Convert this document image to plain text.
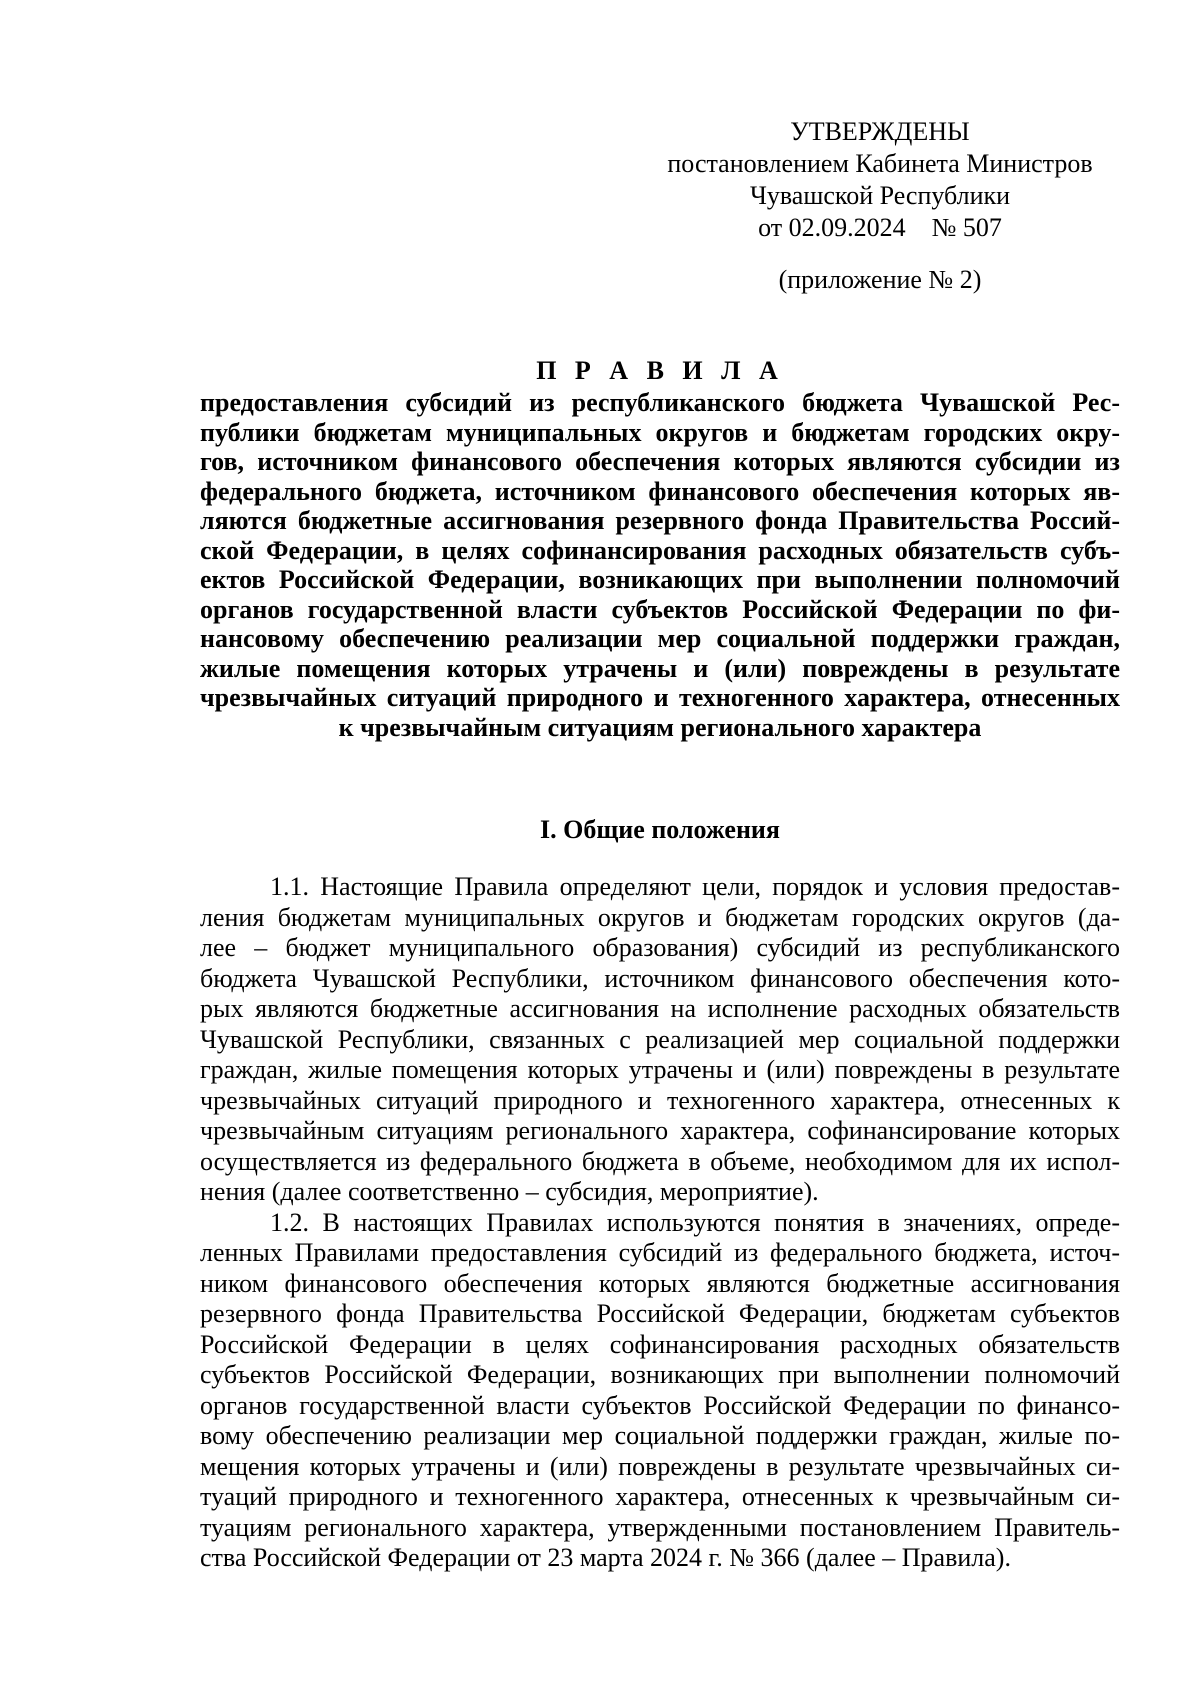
УТВЕРЖДЕНЫ
постановлением Кабинета Министров
Чувашской Республики
от 02.09.2024    № 507
(приложение № 2)
П Р А В И Л А
предоставления субсидий из республиканского бюджета Чувашской Рес-
публики бюджетам муниципальных округов и бюджетам городских окру-
гов, источником финансового обеспечения которых являются субсидии из
федерального бюджета, источником финансового обеспечения которых яв-
ляются бюджетные ассигнования резервного фонда Правительства Россий-
ской Федерации, в целях софинансирования расходных обязательств субъ-
ектов Российской Федерации, возникающих при выполнении полномочий
органов государственной власти субъектов Российской Федерации по фи-
нансовому обеспечению реализации мер социальной поддержки граждан,
жилые помещения которых утрачены и (или) повреждены в результате
чрезвычайных ситуаций природного и техногенного характера, отнесенных
к чрезвычайным ситуациям регионального характера
I. Общие положения
1.1. Настоящие Правила определяют цели, порядок и условия предостав-
ления бюджетам муниципальных округов и бюджетам городских округов (да-
лее – бюджет муниципального образования) субсидий из республиканского
бюджета Чувашской Республики, источником финансового обеспечения кото-
рых являются бюджетные ассигнования на исполнение расходных обязательств
Чувашской Республики, связанных с реализацией мер социальной поддержки
граждан, жилые помещения которых утрачены и (или) повреждены в результате
чрезвычайных ситуаций природного и техногенного характера, отнесенных к
чрезвычайным ситуациям регионального характера, софинансирование которых
осуществляется из федерального бюджета в объеме, необходимом для их испол-
нения (далее соответственно – субсидия, мероприятие).
1.2. В настоящих Правилах используются понятия в значениях, опреде-
ленных Правилами предоставления субсидий из федерального бюджета, источ-
ником финансового обеспечения которых являются бюджетные ассигнования
резервного фонда Правительства Российской Федерации, бюджетам субъектов
Российской Федерации в целях софинансирования расходных обязательств
субъектов Российской Федерации, возникающих при выполнении полномочий
органов государственной власти субъектов Российской Федерации по финансо-
вому обеспечению реализации мер социальной поддержки граждан, жилые по-
мещения которых утрачены и (или) повреждены в результате чрезвычайных си-
туаций природного и техногенного характера, отнесенных к чрезвычайным си-
туациям регионального характера, утвержденными постановлением Правитель-
ства Российской Федерации от 23 марта 2024 г. № 366 (далее – Правила).
